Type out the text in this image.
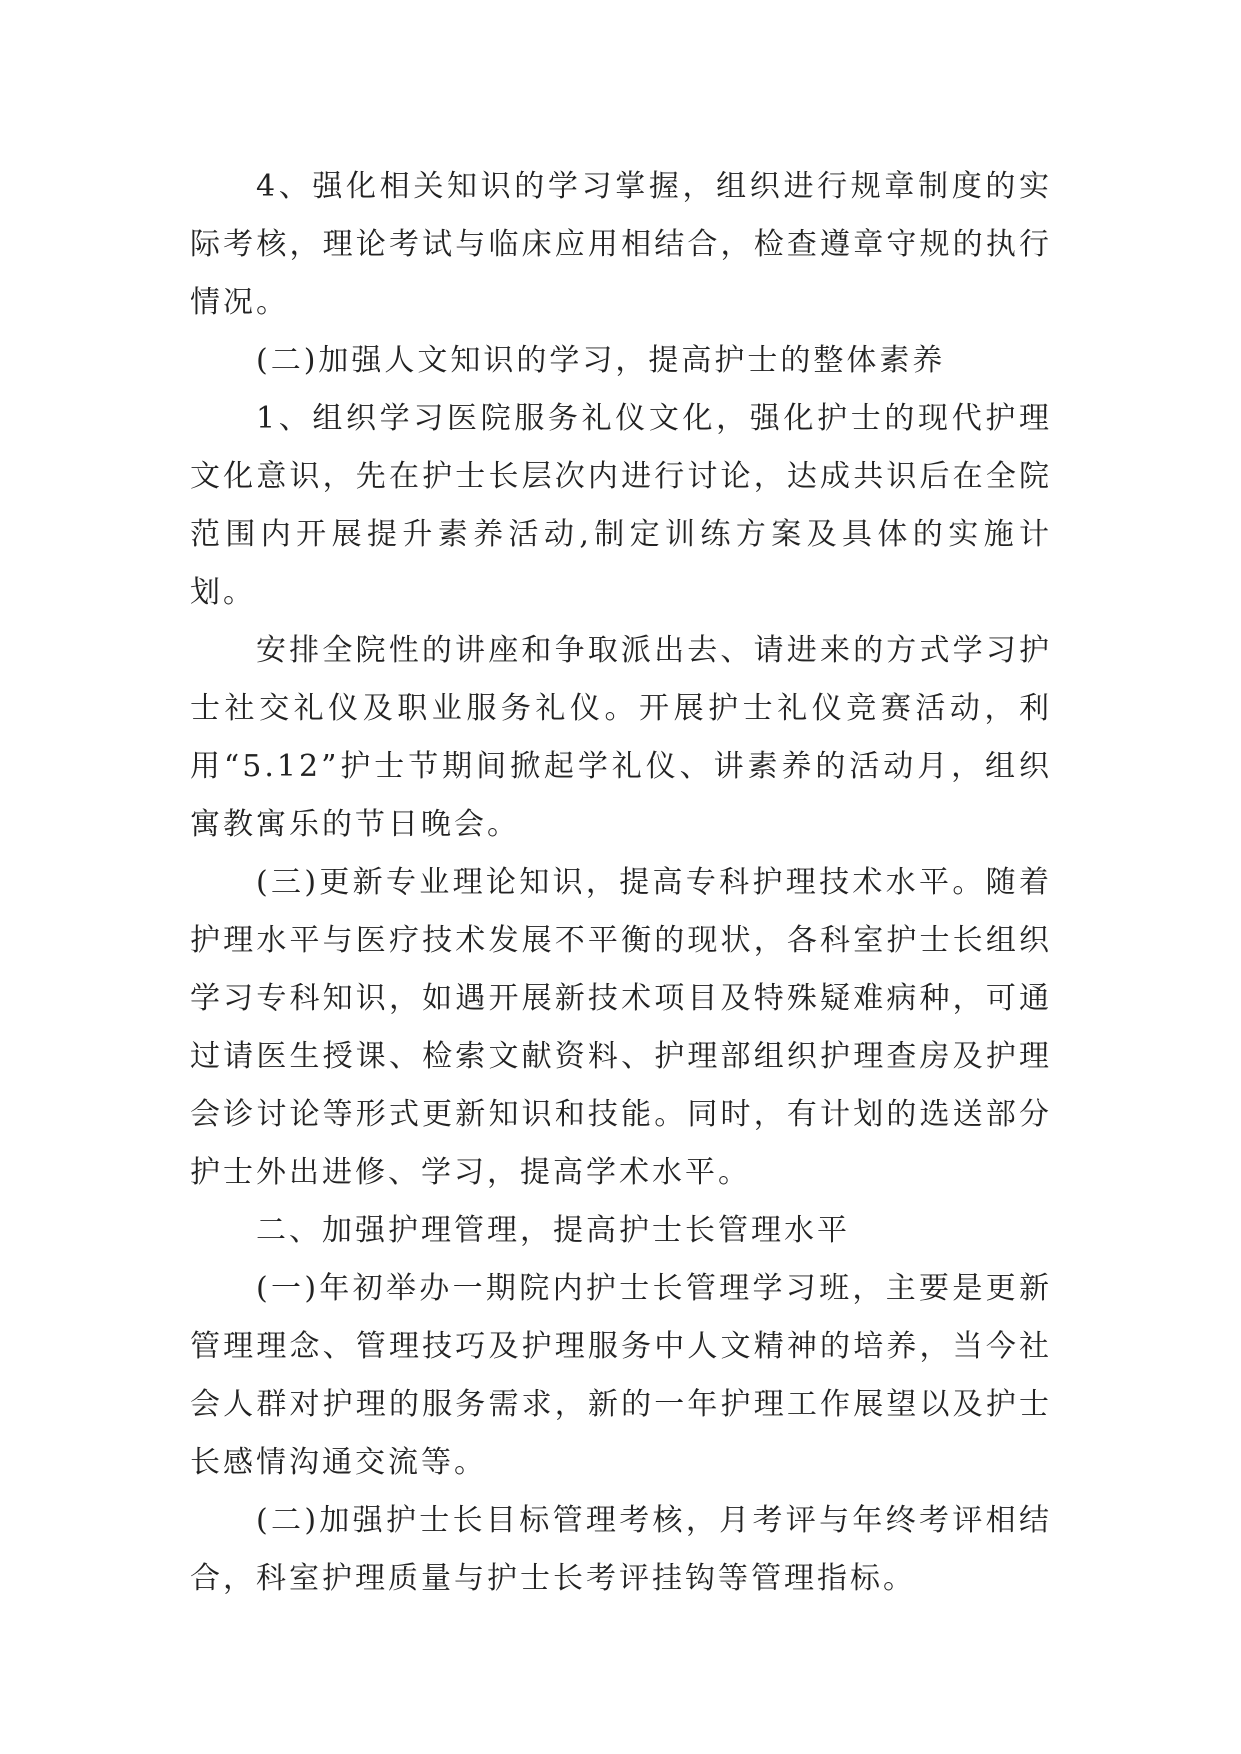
4、强化相关知识的学习掌握，组织进行规章制度的实际考核，理论考试与临床应用相结合，检查遵章守规的执行情况。

(二)加强人文知识的学习，提高护士的整体素养

1、组织学习医院服务礼仪文化，强化护士的现代护理文化意识，先在护士长层次内进行讨论，达成共识后在全院范围内开展提升素养活动,制定训练方案及具体的实施计划。

安排全院性的讲座和争取派出去、请进来的方式学习护士社交礼仪及职业服务礼仪。开展护士礼仪竞赛活动，利用“5.12”护士节期间掀起学礼仪、讲素养的活动月，组织寓教寓乐的节日晚会。

(三)更新专业理论知识，提高专科护理技术水平。随着护理水平与医疗技术发展不平衡的现状，各科室护士长组织学习专科知识，如遇开展新技术项目及特殊疑难病种，可通过请医生授课、检索文献资料、护理部组织护理查房及护理会诊讨论等形式更新知识和技能。同时，有计划的选送部分护士外出进修、学习，提高学术水平。

二、加强护理管理，提高护士长管理水平

(一)年初举办一期院内护士长管理学习班，主要是更新管理理念、管理技巧及护理服务中人文精神的培养，当今社会人群对护理的服务需求，新的一年护理工作展望以及护士长感情沟通交流等。

(二)加强护士长目标管理考核，月考评与年终考评相结合，科室护理质量与护士长考评挂钩等管理指标。
